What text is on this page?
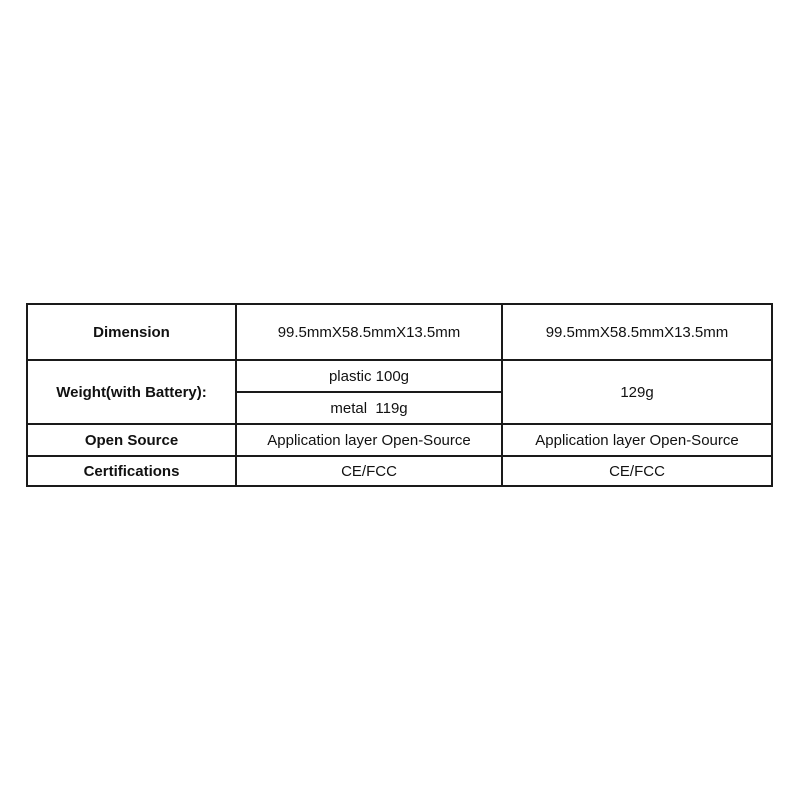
Dimension	99.5mmX58.5mmX13.5mm	99.5mmX58.5mmX13.5mm
Weight(with Battery):	plastic 100g	129g
	metal  119g	
Open Source	Application layer Open-Source	Application layer Open-Source
Certifications	CE/FCC	CE/FCC
